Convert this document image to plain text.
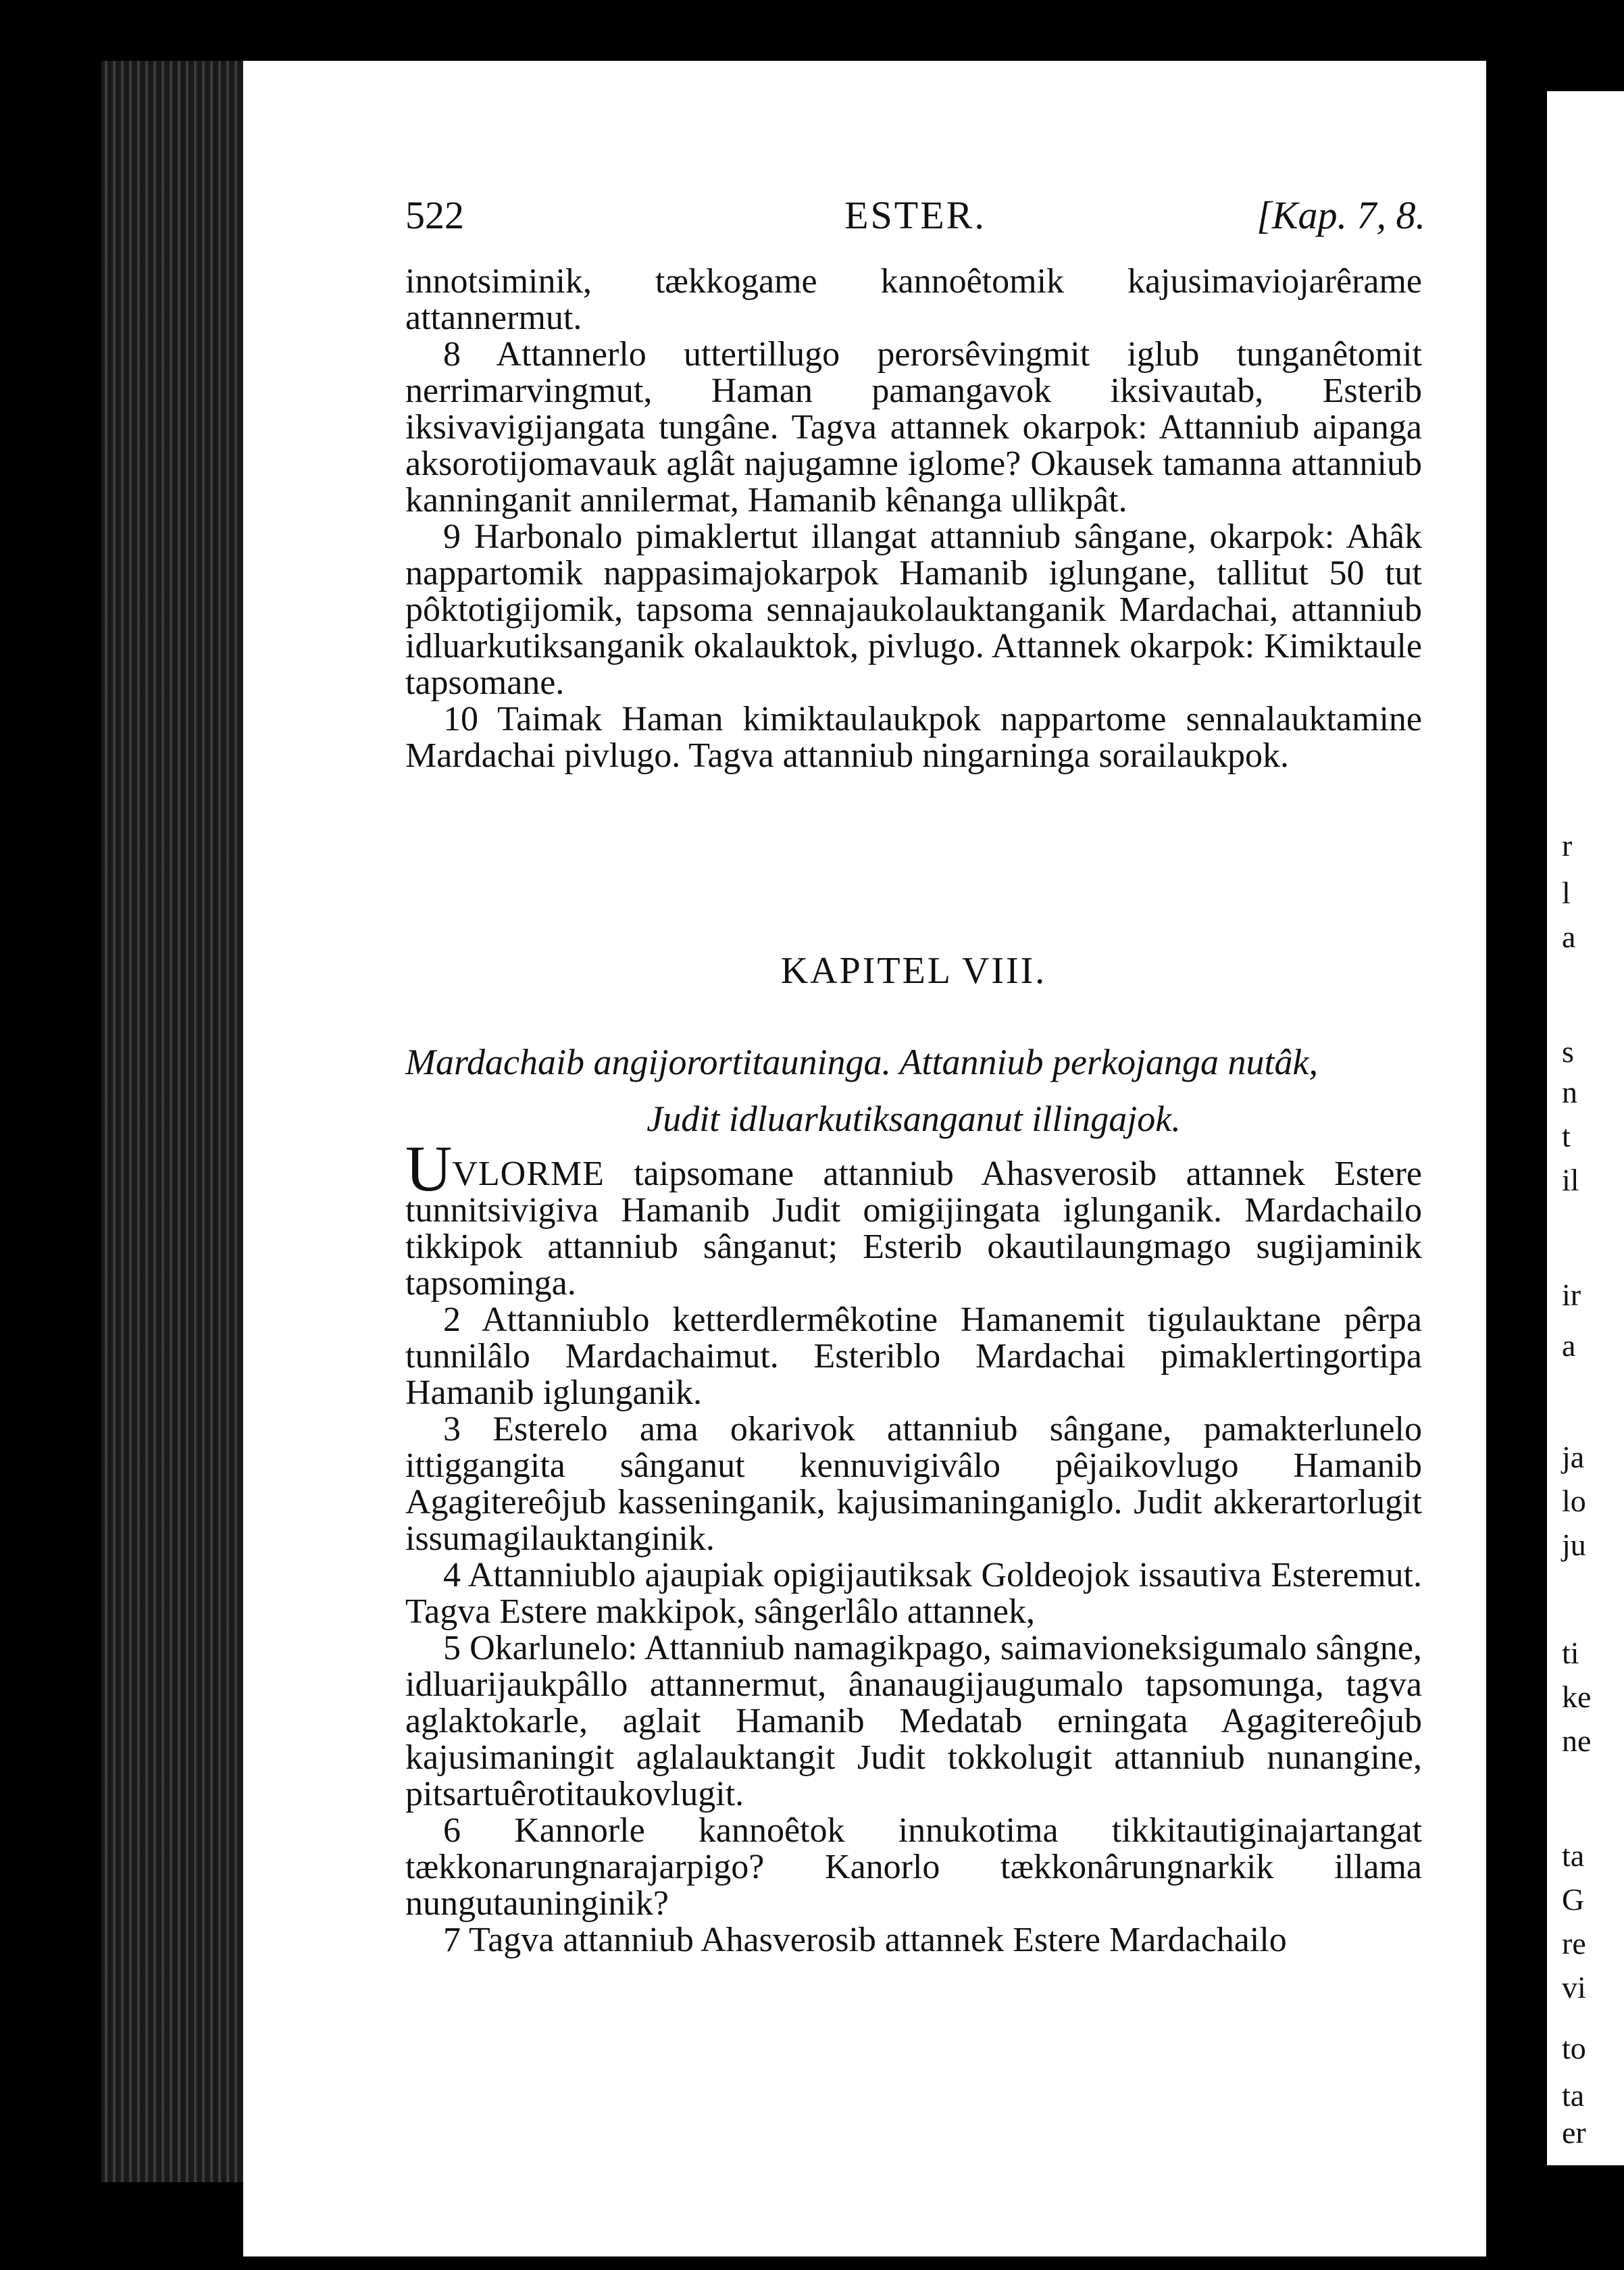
522	ESTER.	[Kap. 7, 8.

innotsiminik, tækkogame kannoêtomik kajusimaviojarêrame attannermut.

8 Attannerlo uttertillugo perorsêvingmit iglub tunganêtomit nerrimarvingmut, Haman pamangavok iksivautab, Esterib iksivavigijangata tungâne. Tagva attannek okarpok: Attanniub aipanga aksorotijomavauk aglât najugamne iglome? Okausek tamanna attanniub kanninganit annilermat, Hamanib kênanga ullikpât.

9 Harbonalo pimaklertut illangat attanniub sângane, okarpok: Ahâk nappartomik nappasimajokarpok Hamanib iglungane, tallitut 50 tut pôktotigijomik, tapsoma sennajaukolauktanganik Mardachai, attanniub idluarkutiksanganik okalauktok, pivlugo. Attannek okarpok: Kimiktaule tapsomane.

10 Taimak Haman kimiktaulaukpok nappartome sennalauktamine Mardachai pivlugo. Tagva attanniub ningarninga sorailaukpok.

KAPITEL VIII.
Mardachaib angijorortitauninga. Attanniub perkojanga nutâk,
Judit idluarkutiksanganut illingajok.

UVLORME taipsomane attanniub Ahasverosib attannek Estere tunnitsivigiva Hamanib Judit omigijingata iglunganik. Mardachailo tikkipok attanniub sânganut; Esterib okautilaungmago sugijaminik tapsominga.

2 Attanniublo ketterdlermêkotine Hamanemit tigulauktane pêrpa tunnilâlo Mardachaimut. Esteriblo Mardachai pimaklertingortipa Hamanib iglunganik.

3 Esterelo ama okarivok attanniub sângane, pamakterlunelo ittiggangita sânganut kennuvigivâlo pêjaikovlugo Hamanib Agagitereôjub kasseninganik, kajusimaninganiglo. Judit akkerartorlugit issumagilauktanginik.

4 Attanniublo ajaupiak opigijautiksak Goldeojok issautiva Esteremut. Tagva Estere makkipok, sângerlâlo attannek,

5 Okarlunelo: Attanniub namagikpago, saimavioneksigumalo sângne, idluarijaukpâllo attannermut, ânanaugijaugumalo tapsomunga, tagva aglaktokarle, aglait Hamanib Medatab erningata Agagitereôjub kajusimaningit aglalauktangit Judit tokkolugit attanniub nunangine, pitsartuêrotitaukovlugit.

6 Kannorle kannoêtok innukotima tikkitautiginajartangat tækkonarungnarajarpigo? Kanorlo tækkonârungnarkik illama nungutauninginik?

7 Tagva attanniub Ahasverosib attannek Estere Mardachailo

r
l
a
s
n
t
il
ir
a
ja
lo
ju
ti
ke
ne
ta
G
re
vi
to
ta
er
